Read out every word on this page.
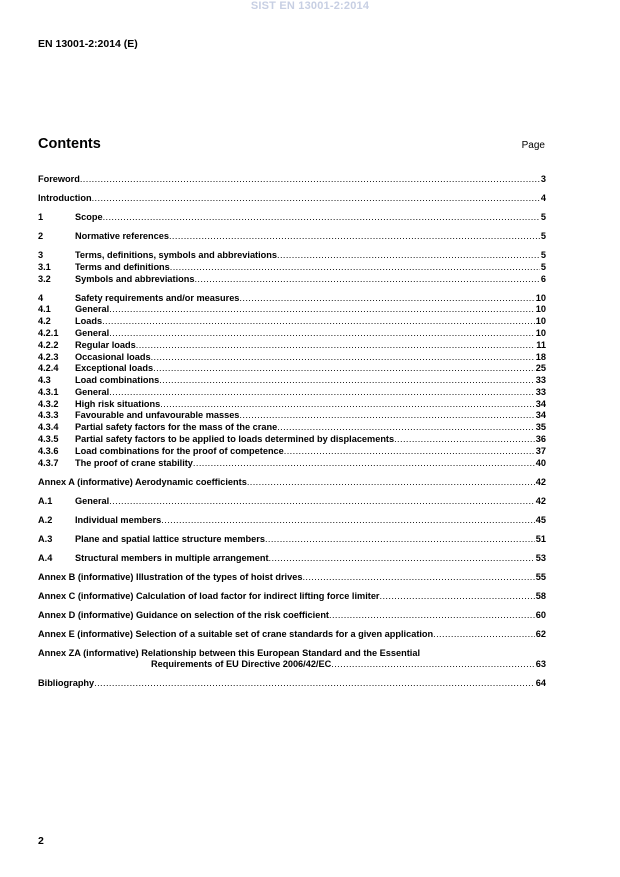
SIST EN 13001-2:2014
EN 13001-2:2014 (E)
Contents	Page
Foreword .....	3
Introduction .....	4
1	Scope .....	5
2	Normative references .....	5
3	Terms, definitions, symbols and abbreviations .....	5
3.1	Terms and definitions .....	5
3.2	Symbols and abbreviations .....	6
4	Safety requirements and/or measures .....	10
4.1	General .....	10
4.2	Loads .....	10
4.2.1	General .....	10
4.2.2	Regular loads .....	11
4.2.3	Occasional loads .....	18
4.2.4	Exceptional loads .....	25
4.3	Load combinations .....	33
4.3.1	General .....	33
4.3.2	High risk situations .....	34
4.3.3	Favourable and unfavourable masses .....	34
4.3.4	Partial safety factors for the mass of the crane .....	35
4.3.5	Partial safety factors to be applied to loads determined by displacements .....	36
4.3.6	Load combinations for the proof of competence .....	37
4.3.7	The proof of crane stability .....	40
Annex A (informative) Aerodynamic coefficients .....	42
A.1	General .....	42
A.2	Individual members .....	45
A.3	Plane and spatial lattice structure members .....	51
A.4	Structural members in multiple arrangement .....	53
Annex B (informative) Illustration of the types of hoist drives .....	55
Annex C (informative) Calculation of load factor for indirect lifting force limiter .....	58
Annex D (informative) Guidance on selection of the risk coefficient .....	60
Annex E (informative) Selection of a suitable set of crane standards for a given application .....	62
Annex ZA (informative) Relationship between this European Standard and the Essential
Requirements of EU Directive 2006/42/EC .....	63
Bibliography .....	64
2
